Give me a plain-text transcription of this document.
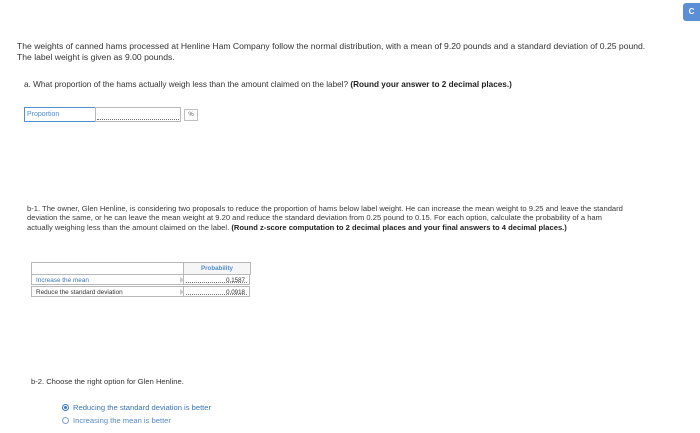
C
The weights of canned hams processed at Henline Ham Company follow the normal distribution, with a mean of 9.20 pounds and a standard deviation of 0.25 pound. The label weight is given as 9.00 pounds.
a. What proportion of the hams actually weigh less than the amount claimed on the label? (Round your answer to 2 decimal places.)
Proportion	%
b-1. The owner, Glen Henline, is considering two proposals to reduce the proportion of hams below label weight. He can increase the mean weight to 9.25 and leave the standard deviation the same, or he can leave the mean weight at 9.20 and reduce the standard deviation from 0.25 pound to 0.15. For each option, calculate the probability of a ham actually weighing less than the amount claimed on the label. (Round z-score computation to 2 decimal places and your final answers to 4 decimal places.)
Probability
Increase the mean	0.1587
Reduce the standard deviation	0.0918
b-2. Choose the right option for Glen Henline.
Reducing the standard deviation is better
Increasing the mean is better
